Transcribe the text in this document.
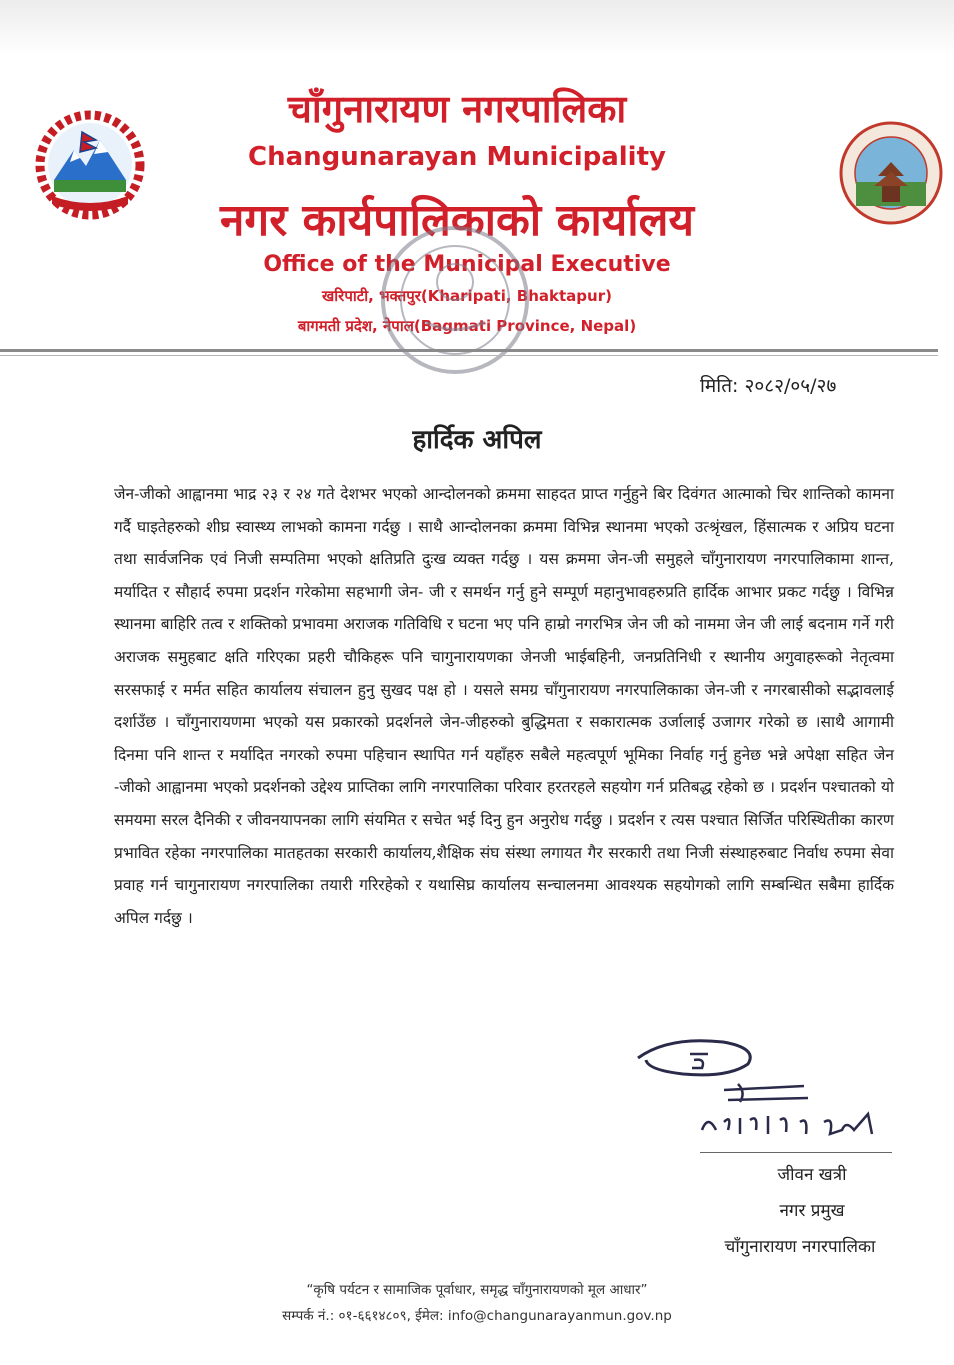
चाँगुनारायण नगरपालिका
Changunarayan Municipality
नगर कार्यपालिकाको कार्यालय
Office of the Municipal Executive
खरिपाटी, भक्तपुर(Kharipati, Bhaktapur)
बागमती प्रदेश, नेपाल(Bagmati Province, Nepal)
मिति: २०८२/०५/२७
हार्दिक अपिल
जेन-जीको आह्वानमा भाद्र २३ र २४ गते देशभर भएको आन्दोलनको क्रममा साहदत प्राप्त गर्नुहुने बिर दिवंगत आत्माको चिर शान्तिको कामना गर्दै घाइतेहरुको शीघ्र स्वास्थ्य लाभको कामना गर्दछु । साथै आन्दोलनका क्रममा विभिन्न स्थानमा भएको उत्श्रृंखल, हिंसात्मक र अप्रिय घटना तथा सार्वजनिक एवं निजी सम्पतिमा भएको क्षतिप्रति दुःख व्यक्त गर्दछु । यस क्रममा जेन-जी समुहले चाँगुनारायण नगरपालिकामा शान्त, मर्यादित र सौहार्द रुपमा प्रदर्शन गरेकोमा सहभागी जेन- जी र समर्थन गर्नु हुने सम्पूर्ण महानुभावहरुप्रति हार्दिक आभार प्रकट गर्दछु । विभिन्न स्थानमा बाहिरि तत्व र शक्तिको प्रभावमा अराजक गतिविधि र घटना भए पनि हाम्रो नगरभित्र जेन जी को नाममा जेन जी लाई बदनाम गर्ने गरी अराजक समुहबाट क्षति गरिएका प्रहरी चौकिहरू पनि चागुनारायणका जेनजी भाईबहिनी, जनप्रतिनिधी र स्थानीय अगुवाहरूको नेतृत्वमा सरसफाई र मर्मत सहित कार्यालय संचालन हुनु सुखद पक्ष हो । यसले समग्र चाँगुनारायण नगरपालिकाका जेन-जी र नगरबासीको सद्भावलाई दर्शाउँछ । चाँगुनारायणमा भएको यस प्रकारको प्रदर्शनले जेन-जीहरुको बुद्धिमता र सकारात्मक उर्जालाई उजागर गरेको छ ।साथै आगामी दिनमा पनि शान्त र मर्यादित नगरको रुपमा पहिचान स्थापित गर्न यहाँहरु सबैले महत्वपूर्ण भूमिका निर्वाह गर्नु हुनेछ भन्ने अपेक्षा सहित जेन -जीको आह्वानमा भएको प्रदर्शनको उद्देश्य प्राप्तिका लागि नगरपालिका परिवार हरतरहले सहयोग गर्न प्रतिबद्ध रहेको छ । प्रदर्शन पश्चातको यो समयमा सरल दैनिकी र जीवनयापनका लागि संयमित र सचेत भई दिनु हुन अनुरोध गर्दछु । प्रदर्शन र त्यस पश्चात सिर्जित परिस्थितीका कारण प्रभावित रहेका नगरपालिका मातहतका सरकारी कार्यालय,शैक्षिक संघ संस्था लगायत गैर सरकारी तथा निजी संस्थाहरुबाट निर्वाध रुपमा सेवा प्रवाह गर्न चागुनारायण नगरपालिका तयारी गरिरहेको र यथासिघ्र कार्यालय सन्चालनमा आवश्यक सहयोगको लागि सम्बन्धित सबैमा हार्दिक अपिल गर्दछु ।
जीवन खत्री
नगर प्रमुख
चाँगुनारायण नगरपालिका
“कृषि पर्यटन र सामाजिक पूर्वाधार, समृद्ध चाँगुनारायणको मूल आधार”
सम्पर्क नं.: ०१-६६१४८०९, ईमेल: info@changunarayanmun.gov.np
